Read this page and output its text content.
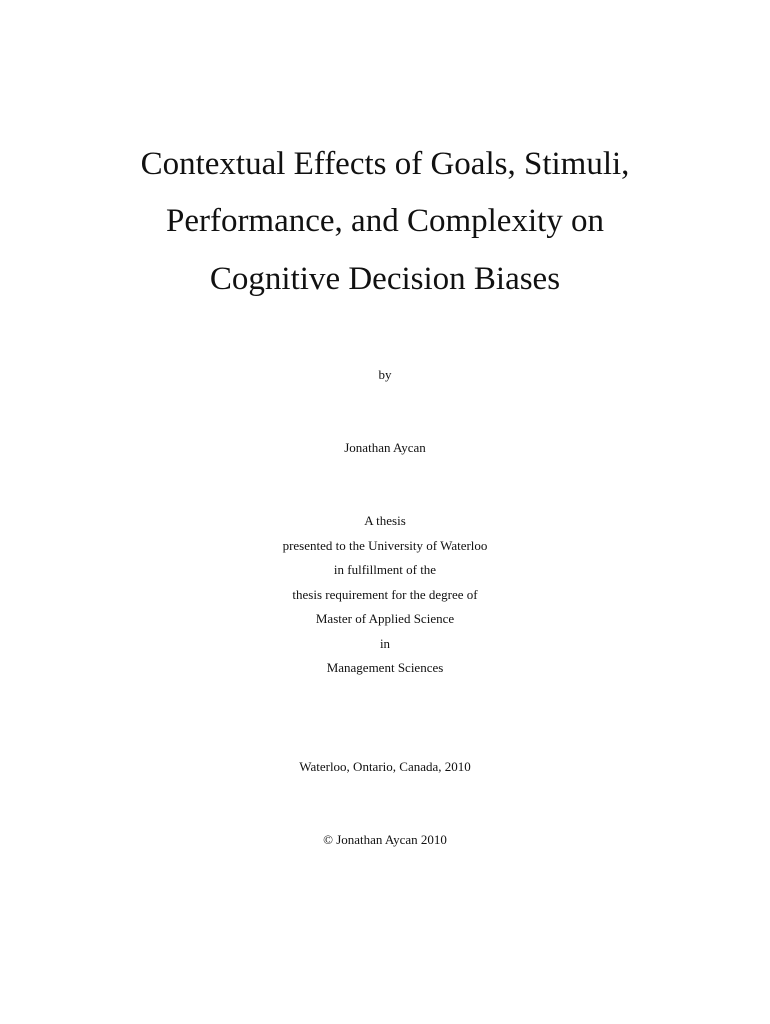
Contextual Effects of Goals, Stimuli,
Performance, and Complexity on
Cognitive Decision Biases
by
Jonathan Aycan
A thesis
presented to the University of Waterloo
in fulfillment of the
thesis requirement for the degree of
Master of Applied Science
in
Management Sciences
Waterloo, Ontario, Canada, 2010
© Jonathan Aycan 2010
